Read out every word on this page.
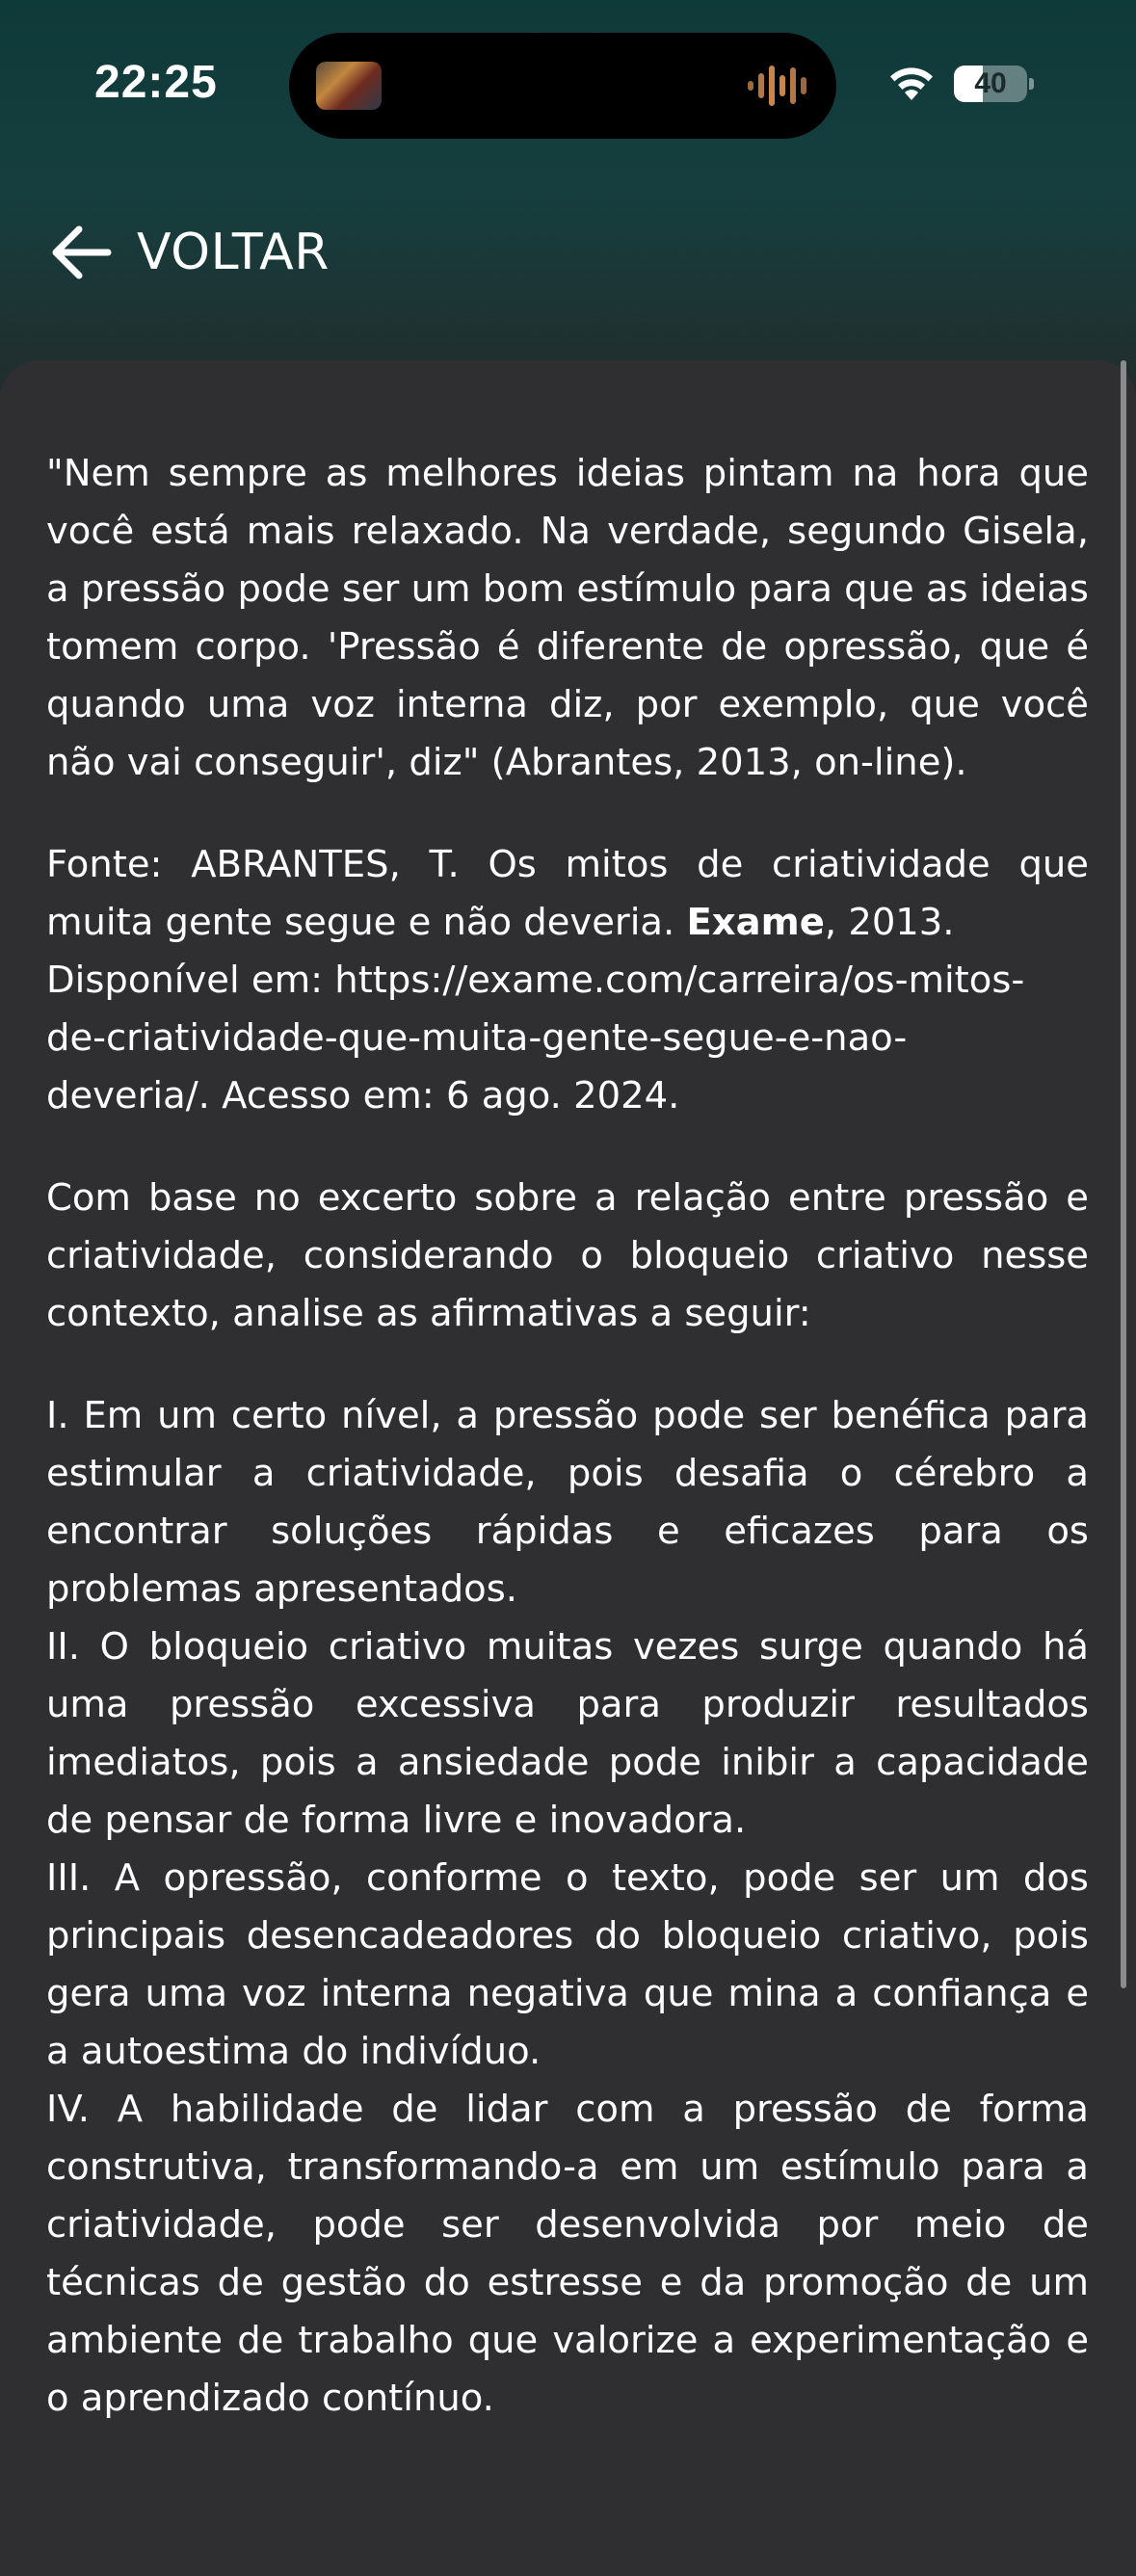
22:25	40
VOLTAR

"Nem sempre as melhores ideias pintam na hora que você está mais relaxado. Na verdade, segundo Gisela, a pressão pode ser um bom estímulo para que as ideias tomem corpo. 'Pressão é diferente de opressão, que é quando uma voz interna diz, por exemplo, que você não vai conseguir', diz" (Abrantes, 2013, on-line).

Fonte: ABRANTES, T. Os mitos de criatividade que muita gente segue e não deveria. Exame, 2013.
Disponível em: https://exame.com/carreira/os-mitos-
de-criatividade-que-muita-gente-segue-e-nao-
deveria/. Acesso em: 6 ago. 2024.

Com base no excerto sobre a relação entre pressão e criatividade, considerando o bloqueio criativo nesse contexto, analise as afirmativas a seguir:

I. Em um certo nível, a pressão pode ser benéfica para estimular a criatividade, pois desafia o cérebro a encontrar soluções rápidas e eficazes para os problemas apresentados.

II. O bloqueio criativo muitas vezes surge quando há uma pressão excessiva para produzir resultados imediatos, pois a ansiedade pode inibir a capacidade de pensar de forma livre e inovadora.

III. A opressão, conforme o texto, pode ser um dos principais desencadeadores do bloqueio criativo, pois gera uma voz interna negativa que mina a confiança e a autoestima do indivíduo.

IV. A habilidade de lidar com a pressão de forma construtiva, transformando-a em um estímulo para a criatividade, pode ser desenvolvida por meio de técnicas de gestão do estresse e da promoção de um ambiente de trabalho que valorize a experimentação e o aprendizado contínuo.
